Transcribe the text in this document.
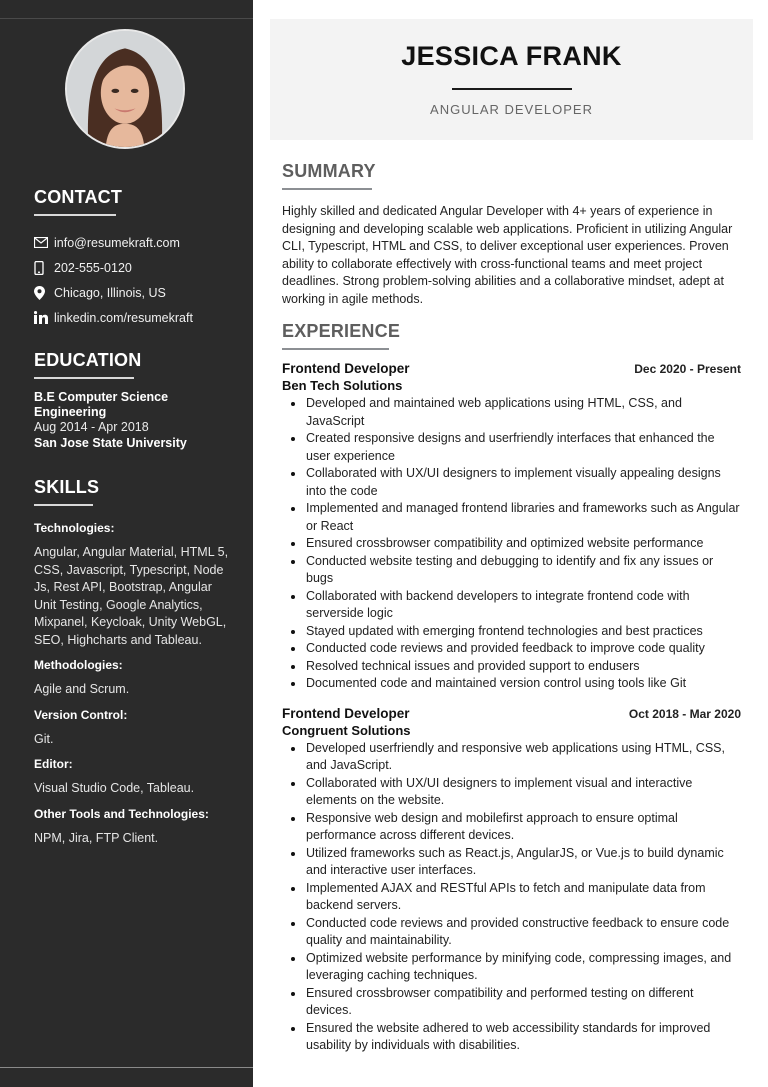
CONTACT
info@resumekraft.com
202-555-0120
Chicago, Illinois, US
linkedin.com/resumekraft
EDUCATION
B.E Computer Science Engineering
Aug 2014 - Apr 2018
San Jose State University
SKILLS
Technologies:
Angular, Angular Material, HTML 5, CSS, Javascript, Typescript, Node Js, Rest API, Bootstrap, Angular Unit Testing, Google Analytics, Mixpanel, Keycloak, Unity WebGL, SEO, Highcharts and Tableau.
Methodologies:
Agile and Scrum.
Version Control:
Git.
Editor:
Visual Studio Code, Tableau.
Other Tools and Technologies:
NPM, Jira, FTP Client.
JESSICA FRANK
ANGULAR DEVELOPER
SUMMARY

Highly skilled and dedicated Angular Developer with 4+ years of experience in designing and developing scalable web applications. Proficient in utilizing Angular CLI, Typescript, HTML and CSS, to deliver exceptional user experiences. Proven ability to collaborate effectively with cross-functional teams and meet project deadlines. Strong problem-solving abilities and a collaborative mindset, adept at working in agile methods.

EXPERIENCE
Frontend Developer	Dec 2020 - Present
Ben Tech Solutions
Developed and maintained web applications using HTML, CSS, and JavaScript
Created responsive designs and userfriendly interfaces that enhanced the user experience
Collaborated with UX/UI designers to implement visually appealing designs into the code
Implemented and managed frontend libraries and frameworks such as Angular or React
Ensured crossbrowser compatibility and optimized website performance
Conducted website testing and debugging to identify and fix any issues or bugs
Collaborated with backend developers to integrate frontend code with serverside logic
Stayed updated with emerging frontend technologies and best practices
Conducted code reviews and provided feedback to improve code quality
Resolved technical issues and provided support to endusers
Documented code and maintained version control using tools like Git
Frontend Developer	Oct 2018 - Mar 2020
Congruent Solutions
Developed userfriendly and responsive web applications using HTML, CSS, and JavaScript.
Collaborated with UX/UI designers to implement visual and interactive elements on the website.
Responsive web design and mobilefirst approach to ensure optimal performance across different devices.
Utilized frameworks such as React.js, AngularJS, or Vue.js to build dynamic and interactive user interfaces.
Implemented AJAX and RESTful APIs to fetch and manipulate data from backend servers.
Conducted code reviews and provided constructive feedback to ensure code quality and maintainability.
Optimized website performance by minifying code, compressing images, and leveraging caching techniques.
Ensured crossbrowser compatibility and performed testing on different devices.
Ensured the website adhered to web accessibility standards for improved usability by individuals with disabilities.
